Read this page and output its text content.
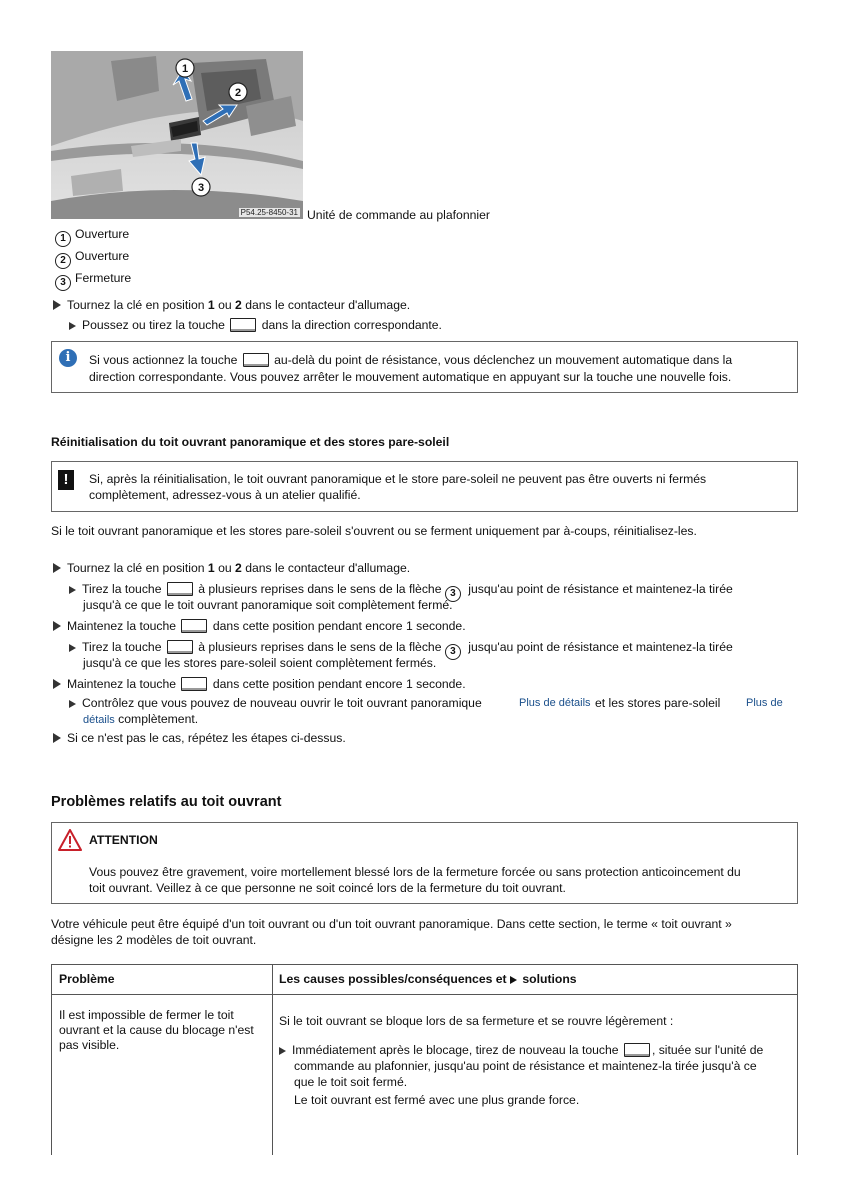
1
2
3
P54.25-8450-31 Unité de commande au plafonnier
1 Ouverture
2 Ouverture
3 Fermeture
Tournez la clé en position 1 ou 2 dans le contacteur d'allumage.
Poussez ou tirez la touche  dans la direction correspondante.
i	Si vous actionnez la touche  au-delà du point de résistance, vous déclenchez un mouvement automatique dans la
direction correspondante. Vous pouvez arrêter le mouvement automatique en appuyant sur la touche une nouvelle fois.
Réinitialisation du toit ouvrant panoramique et des stores pare-soleil
!	Si, après la réinitialisation, le toit ouvrant panoramique et le store pare-soleil ne peuvent pas être ouverts ni fermés
complètement, adressez-vous à un atelier qualifié.
Si le toit ouvrant panoramique et les stores pare-soleil s'ouvrent ou se ferment uniquement par à-coups, réinitialisez-les.
Tournez la clé en position 1 ou 2 dans le contacteur d'allumage.
Tirez la touche  à plusieurs reprises dans le sens de la flèche 3 jusqu'au point de résistance et maintenez-la tirée
jusqu'à ce que le toit ouvrant panoramique soit complètement fermé.
Maintenez la touche  dans cette position pendant encore 1 seconde.
Tirez la touche  à plusieurs reprises dans le sens de la flèche 3 jusqu'au point de résistance et maintenez-la tirée
jusqu'à ce que les stores pare-soleil soient complètement fermés.
Maintenez la touche  dans cette position pendant encore 1 seconde.
Contrôlez que vous pouvez de nouveau ouvrir le toit ouvrant panoramique	Plus de détails et les stores pare-soleil Plus de
détails complètement.
Si ce n'est pas le cas, répétez les étapes ci-dessus.
Problèmes relatifs au toit ouvrant
ATTENTION
Vous pouvez être gravement, voire mortellement blessé lors de la fermeture forcée ou sans protection anticoincement du
toit ouvrant. Veillez à ce que personne ne soit coincé lors de la fermeture du toit ouvrant.
Votre véhicule peut être équipé d'un toit ouvrant ou d'un toit ouvrant panoramique. Dans cette section, le terme « toit ouvrant »
désigne les 2 modèles de toit ouvrant.
Problème	Les causes possibles/conséquences et  solutions
Il est impossible de fermer le toit
ouvrant et la cause du blocage n'est
pas visible.
Si le toit ouvrant se bloque lors de sa fermeture et se rouvre légèrement :
Immédiatement après le blocage, tirez de nouveau la touche , située sur l'unité de
commande au plafonnier, jusqu'au point de résistance et maintenez-la tirée jusqu'à ce
que le toit soit fermé.
Le toit ouvrant est fermé avec une plus grande force.
